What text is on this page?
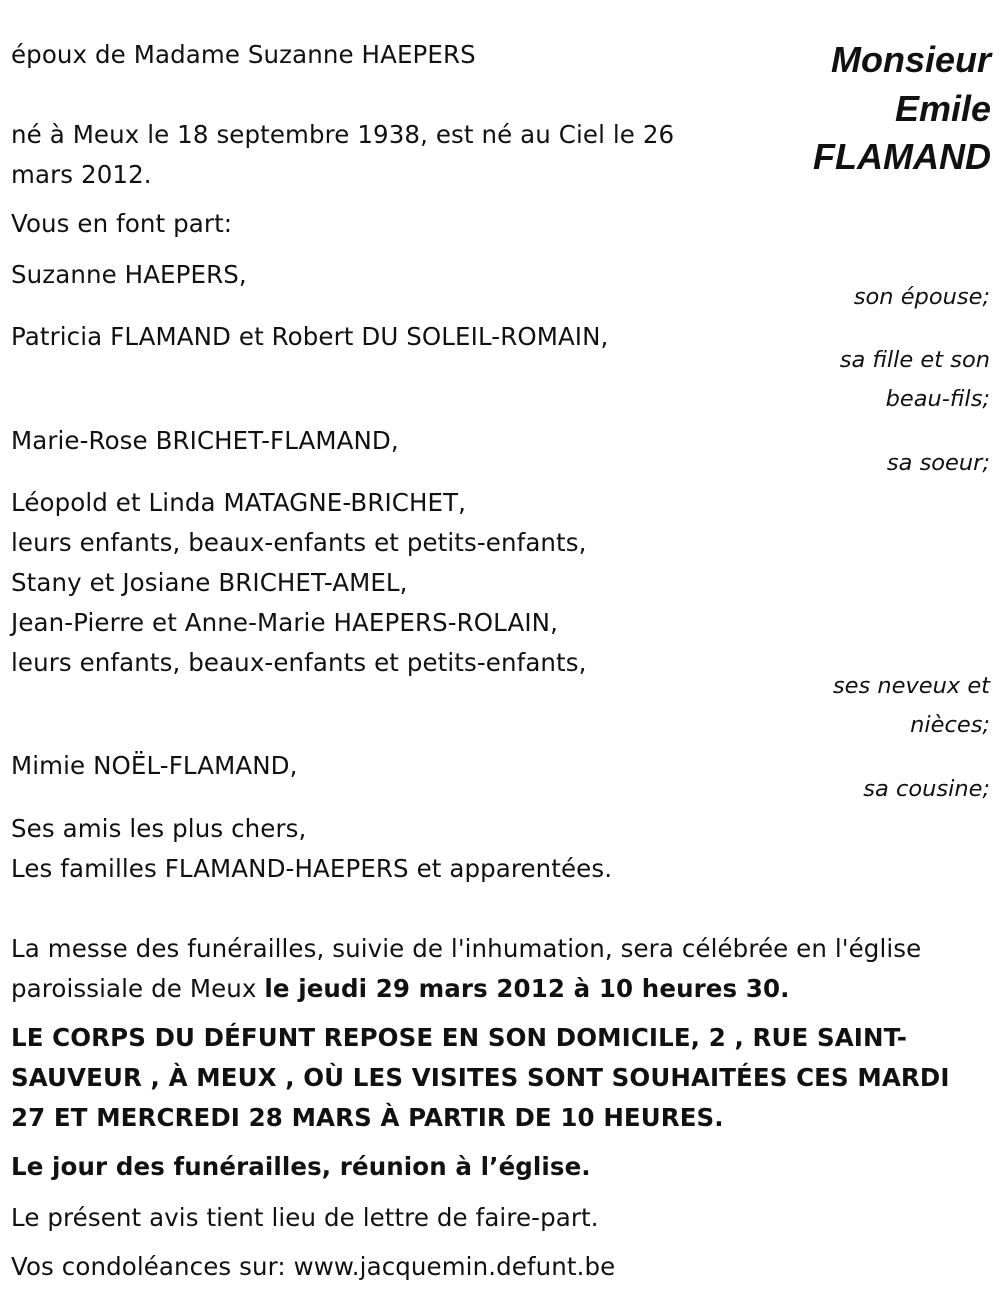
Monsieur
Emile
FLAMAND
époux de Madame Suzanne HAEPERS
né à Meux le 18 septembre 1938, est né au Ciel le 26 mars 2012.
Vous en font part:
Suzanne HAEPERS,
Patricia FLAMAND et Robert DU SOLEIL-ROMAIN,
Marie-Rose BRICHET-FLAMAND,
Léopold et Linda MATAGNE-BRICHET,
leurs enfants, beaux-enfants et petits-enfants,
Stany et Josiane BRICHET-AMEL,
Jean-Pierre et Anne-Marie HAEPERS-ROLAIN,
leurs enfants, beaux-enfants et petits-enfants,
Mimie NOËL-FLAMAND,
Ses amis les plus chers,
Les familles FLAMAND-HAEPERS et apparentées.
son épouse;
sa fille et son
beau-fils;
sa soeur;
ses neveux et
nièces;
sa cousine;
La messe des funérailles, suivie de l'inhumation, sera célébrée en l'église paroissiale de Meux le jeudi 29 mars 2012 à 10 heures 30.
LE CORPS DU DÉFUNT REPOSE EN SON DOMICILE, 2 , RUE SAINT-SAUVEUR , À MEUX , OÙ LES VISITES SONT SOUHAITÉES CES MARDI 27 ET MERCREDI 28 MARS À PARTIR DE 10 HEURES.
Le jour des funérailles, réunion à l’église.
Le présent avis tient lieu de lettre de faire-part.
Vos condoléances sur: www.jacquemin.defunt.be
